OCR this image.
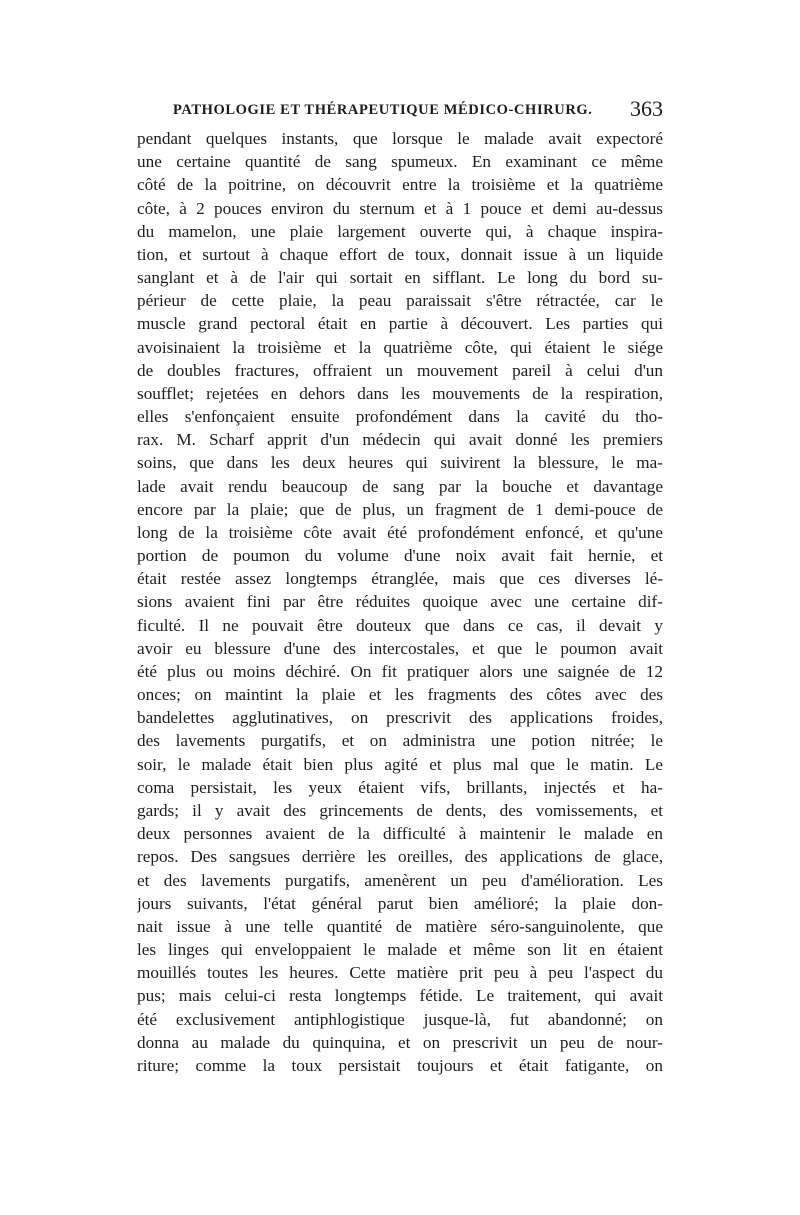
PATHOLOGIE ET THÉRAPEUTIQUE MÉDICO-CHIRURG. 363
pendant quelques instants, que lorsque le malade avait expectoré
une certaine quantité de sang spumeux. En examinant ce même
côté de la poitrine, on découvrit entre la troisième et la quatrième
côte, à 2 pouces environ du sternum et à 1 pouce et demi au-dessus
du mamelon, une plaie largement ouverte qui, à chaque inspira-
tion, et surtout à chaque effort de toux, donnait issue à un liquide
sanglant et à de l'air qui sortait en sifflant. Le long du bord su-
périeur de cette plaie, la peau paraissait s'être rétractée, car le
muscle grand pectoral était en partie à découvert. Les parties qui
avoisinaient la troisième et la quatrième côte, qui étaient le siége
de doubles fractures, offraient un mouvement pareil à celui d'un
soufflet; rejetées en dehors dans les mouvements de la respiration,
elles s'enfonçaient ensuite profondément dans la cavité du tho-
rax. M. Scharf apprit d'un médecin qui avait donné les premiers
soins, que dans les deux heures qui suivirent la blessure, le ma-
lade avait rendu beaucoup de sang par la bouche et davantage
encore par la plaie; que de plus, un fragment de 1 demi-pouce de
long de la troisième côte avait été profondément enfoncé, et qu'une
portion de poumon du volume d'une noix avait fait hernie, et
était restée assez longtemps étranglée, mais que ces diverses lé-
sions avaient fini par être réduites quoique avec une certaine dif-
ficulté. Il ne pouvait être douteux que dans ce cas, il devait y
avoir eu blessure d'une des intercostales, et que le poumon avait
été plus ou moins déchiré. On fit pratiquer alors une saignée de 12
onces; on maintint la plaie et les fragments des côtes avec des
bandelettes agglutinatives, on prescrivit des applications froides,
des lavements purgatifs, et on administra une potion nitrée; le
soir, le malade était bien plus agité et plus mal que le matin. Le
coma persistait, les yeux étaient vifs, brillants, injectés et ha-
gards; il y avait des grincements de dents, des vomissements, et
deux personnes avaient de la difficulté à maintenir le malade en
repos. Des sangsues derrière les oreilles, des applications de glace,
et des lavements purgatifs, amenèrent un peu d'amélioration. Les
jours suivants, l'état général parut bien amélioré; la plaie don-
nait issue à une telle quantité de matière séro-sanguinolente, que
les linges qui enveloppaient le malade et même son lit en étaient
mouillés toutes les heures. Cette matière prit peu à peu l'aspect du
pus; mais celui-ci resta longtemps fétide. Le traitement, qui avait
été exclusivement antiphlogistique jusque-là, fut abandonné; on
donna au malade du quinquina, et on prescrivit un peu de nour-
riture; comme la toux persistait toujours et était fatigante, on
